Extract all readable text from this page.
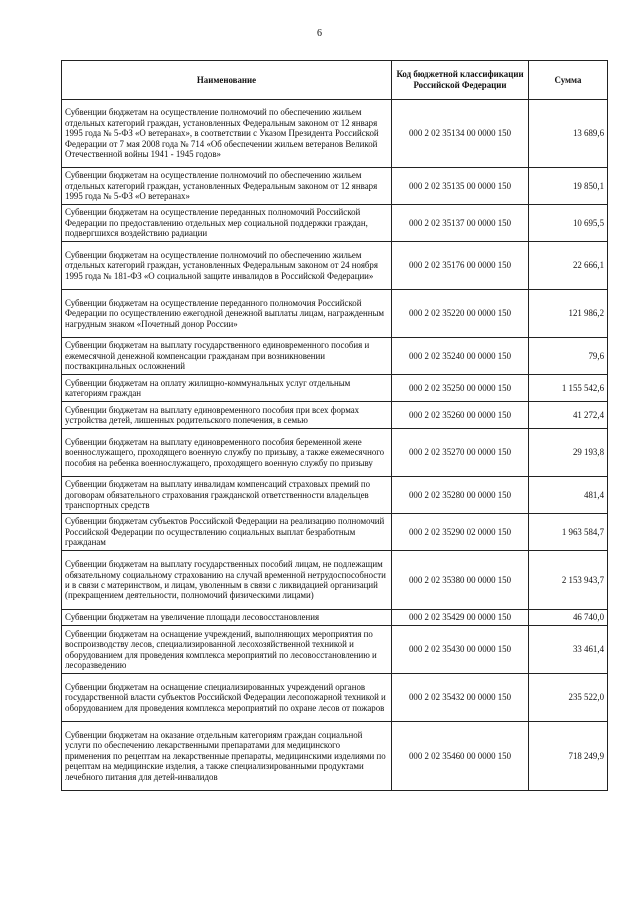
6
Наименование	Код бюджетной классификации Российской Федерации	Сумма
Субвенции бюджетам на осуществление полномочий по обеспечению жильем отдельных категорий граждан, установленных Федеральным законом от 12 января 1995 года № 5-ФЗ «О ветеранах», в соответствии с Указом Президента Российской Федерации от 7 мая 2008 года № 714 «Об обеспечении жильем ветеранов Великой Отечественной войны 1941 - 1945 годов»	000 2 02 35134 00 0000 150	13 689,6
Субвенции бюджетам на осуществление полномочий по обеспечению жильем отдельных категорий граждан, установленных Федеральным законом от 12 января 1995 года № 5-ФЗ «О ветеранах»	000 2 02 35135 00 0000 150	19 850,1
Субвенции бюджетам на осуществление переданных полномочий Российской Федерации по предоставлению отдельных мер социальной поддержки граждан, подвергшихся воздействию радиации	000 2 02 35137 00 0000 150	10 695,5
Субвенции бюджетам на осуществление полномочий по обеспечению жильем отдельных категорий граждан, установленных Федеральным законом от 24 ноября 1995 года № 181-ФЗ «О социальной защите инвалидов в Российской Федерации»	000 2 02 35176 00 0000 150	22 666,1
Субвенции бюджетам на осуществление переданного полномочия Российской Федерации по осуществлению ежегодной денежной выплаты лицам, награжденным нагрудным знаком «Почетный донор России»	000 2 02 35220 00 0000 150	121 986,2
Субвенции бюджетам на выплату государственного единовременного пособия и ежемесячной денежной компенсации гражданам при возникновении поствакцинальных осложнений	000 2 02 35240 00 0000 150	79,6
Субвенции бюджетам на оплату жилищно-коммунальных услуг отдельным категориям граждан	000 2 02 35250 00 0000 150	1 155 542,6
Субвенции бюджетам на выплату единовременного пособия при всех формах устройства детей, лишенных родительского попечения, в семью	000 2 02 35260 00 0000 150	41 272,4
Субвенции бюджетам на выплату единовременного пособия беременной жене военнослужащего, проходящего военную службу по призыву, а также ежемесячного пособия на ребенка военнослужащего, проходящего военную службу по призыву	000 2 02 35270 00 0000 150	29 193,8
Субвенции бюджетам на выплату инвалидам компенсаций страховых премий по договорам обязательного страхования гражданской ответственности владельцев транспортных средств	000 2 02 35280 00 0000 150	481,4
Субвенции бюджетам субъектов Российской Федерации на реализацию полномочий Российской Федерации по осуществлению социальных выплат безработным гражданам	000 2 02 35290 02 0000 150	1 963 584,7
Субвенции бюджетам на выплату государственных пособий лицам, не подлежащим обязательному социальному страхованию на случай временной нетрудоспособности и в связи с материнством, и лицам, уволенным в связи с ликвидацией организаций (прекращением деятельности, полномочий физическими лицами)	000 2 02 35380 00 0000 150	2 153 943,7
Субвенции бюджетам на увеличение площади лесовосстановления	000 2 02 35429 00 0000 150	46 740,0
Субвенции бюджетам на оснащение учреждений, выполняющих мероприятия по воспроизводству лесов, специализированной лесохозяйственной техникой и оборудованием для проведения комплекса мероприятий по лесовосстановлению и лесоразведению	000 2 02 35430 00 0000 150	33 461,4
Субвенции бюджетам на оснащение специализированных учреждений органов государственной власти субъектов Российской Федерации лесопожарной техникой и оборудованием для проведения комплекса мероприятий по охране лесов от пожаров	000 2 02 35432 00 0000 150	235 522,0
Субвенции бюджетам на оказание отдельным категориям граждан социальной услуги по обеспечению лекарственными препаратами для медицинского применения по рецептам на лекарственные препараты, медицинскими изделиями по рецептам на медицинские изделия, а также специализированными продуктами лечебного питания для детей-инвалидов	000 2 02 35460 00 0000 150	718 249,9
